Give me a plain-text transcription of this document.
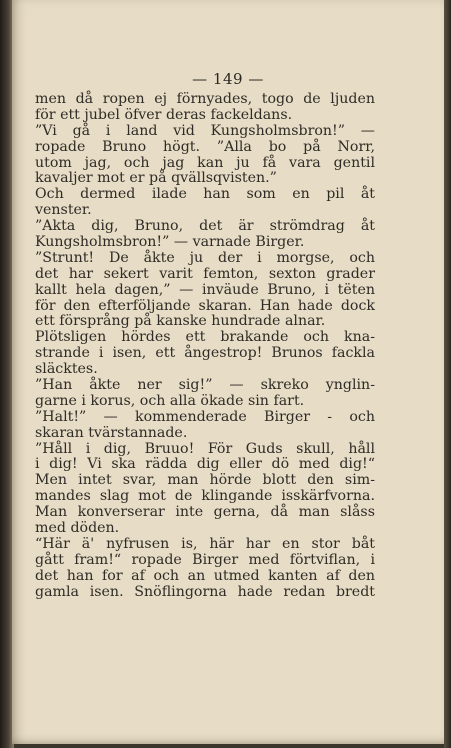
— 149 —
men då ropen ej förnyades, togo de ljuden
för ett jubel öfver deras fackeldans.
”Vi gå i land vid Kungsholmsbron!” —
ropade Bruno högt. ”Alla bo på Norr,
utom jag, och jag kan ju få vara gentil
kavaljer mot er på qvällsqvisten.”
Och dermed ilade han som en pil åt
venster.
”Akta dig, Bruno, det är strömdrag åt
Kungsholmsbron!” — varnade Birger.
”Strunt! De åkte ju der i morgse, och
det har sekert varit femton, sexton grader
kallt hela dagen,” — inväude Bruno, i tëten
för den efterföljande skaran. Han hade dock
ett försprång på kanske hundrade alnar.
Plötsligen hördes ett brakande och kna-
strande i isen, ett ångestrop! Brunos fackla
släcktes.
”Han åkte ner sig!” — skreko ynglin-
garne i korus, och alla ökade sin fart.
”Halt!” — kommenderade Birger - och
skaran tvärstannade.
”Håll i dig, Bruuo! För Guds skull, håll
i dig! Vi ska rädda dig eller dö med dig!“
Men intet svar, man hörde blott den sim-
mandes slag mot de klingande isskärfvorna.
Man konverserar inte gerna, då man slåss
med döden.
“Här ä' nyfrusen is, här har en stor båt
gått fram!“ ropade Birger med förtviflan, i
det han for af och an utmed kanten af den
gamla isen. Snöflingorna hade redan bredt
